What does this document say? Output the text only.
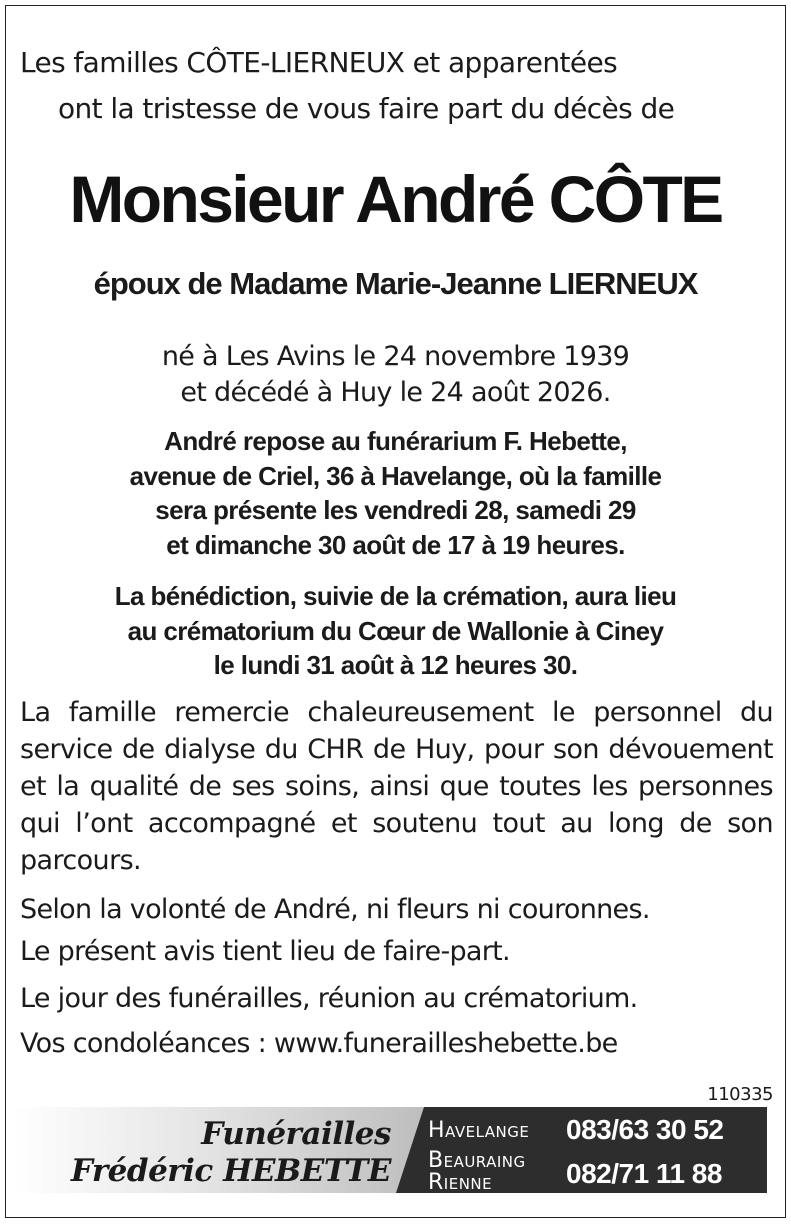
Les familles CÔTE-LIERNEUX et apparentées
ont la tristesse de vous faire part du décès de
Monsieur André CÔTE
époux de Madame Marie-Jeanne LIERNEUX
né à Les Avins le 24 novembre 1939
et décédé à Huy le 24 août 2026.
André repose au funérarium F. Hebette,
avenue de Criel, 36 à Havelange, où la famille
sera présente les vendredi 28, samedi 29
et dimanche 30 août de 17 à 19 heures.
La bénédiction, suivie de la crémation, aura lieu
au crématorium du Cœur de Wallonie à Ciney
le lundi 31 août à 12 heures 30.
La famille remercie chaleureusement le personnel du service de dialyse du CHR de Huy, pour son dévouement et la qualité de ses soins, ainsi que toutes les personnes qui l’ont accompagné et soutenu tout au long de son parcours.
Selon la volonté de André, ni fleurs ni couronnes.
Le présent avis tient lieu de faire-part.
Le jour des funérailles, réunion au crématorium.
Vos condoléances : www.funerailleshebette.be
110335
Funérailles
Frédéric HEBETTE
Havelange
Beauraing
Rienne
083/63 30 52
082/71 11 88
